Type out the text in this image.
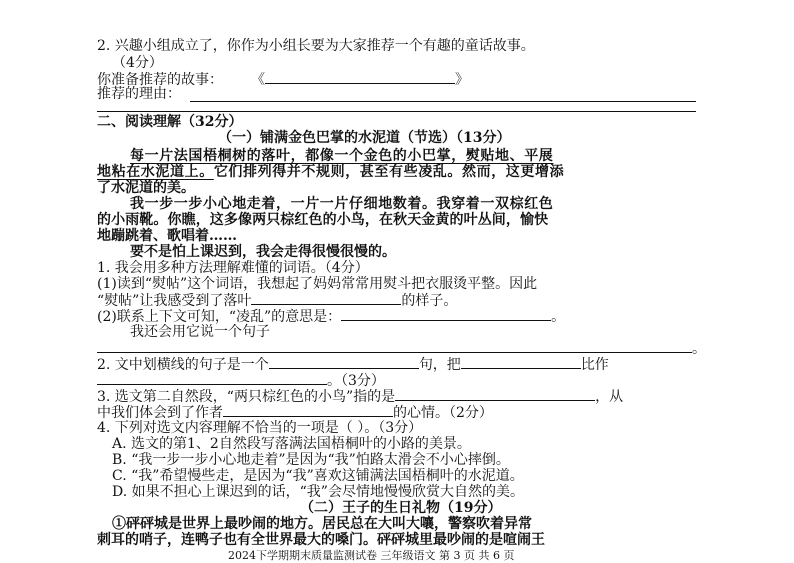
2. 兴趣小组成立了，你作为小组长要为大家推荐一个有趣的童话故事。
（4分）
你准备推荐的故事： 《	》
推荐的理由：
二、阅读理解（32分）
（一）铺满金色巴掌的水泥道（节选）（13分）
每一片法国梧桐树的落叶，都像一个金色的小巴掌，熨贴地、平展
地粘在水泥道上。它们排列得并不规则，甚至有些凌乱。然而，这更增添
了水泥道的美。
我一步一步小心地走着，一片一片仔细地数着。我穿着一双棕红色
的小雨靴。你瞧，这多像两只棕红色的小鸟，在秋天金黄的叶丛间，愉快
地蹦跳着、歌唱着……
要不是怕上课迟到，我会走得很慢很慢的。
1. 我会用多种方法理解难懂的词语。（4分）
(1)读到“熨帖”这个词语，我想起了妈妈常常用熨斗把衣服烫平整。因此
“熨帖”让我感受到了落叶	的样子。
(2)联系上下文可知，“凌乱”的意思是：	。
我还会用它说一个句子
。
2. 文中划横线的句子是一个	句，把	比作
。（3分）
3. 选文第二自然段，“两只棕红色的小鸟”指的是	，从
中我们体会到了作者	的心情。（2分）
4. 下列对选文内容理解不恰当的一项是（ ）。（3分）
A. 选文的第1、2自然段写落满法国梧桐叶的小路的美景。
B. “我一步一步小心地走着”是因为“我”怕路太滑会不小心摔倒。
C. “我”希望慢些走，是因为“我”喜欢这铺满法国梧桐叶的水泥道。
D. 如果不担心上课迟到的话，“我”会尽情地慢慢欣赏大自然的美。
（二）王子的生日礼物（19分）
①砰砰城是世界上最吵闹的地方。居民总在大叫大嚷，警察吹着异常
刺耳的哨子，连鸭子也有全世界最大的嗓门。砰砰城里最吵闹的是喧闹王
2024下学期期末质量监测试卷 三年级语文 第 3 页 共 6 页
